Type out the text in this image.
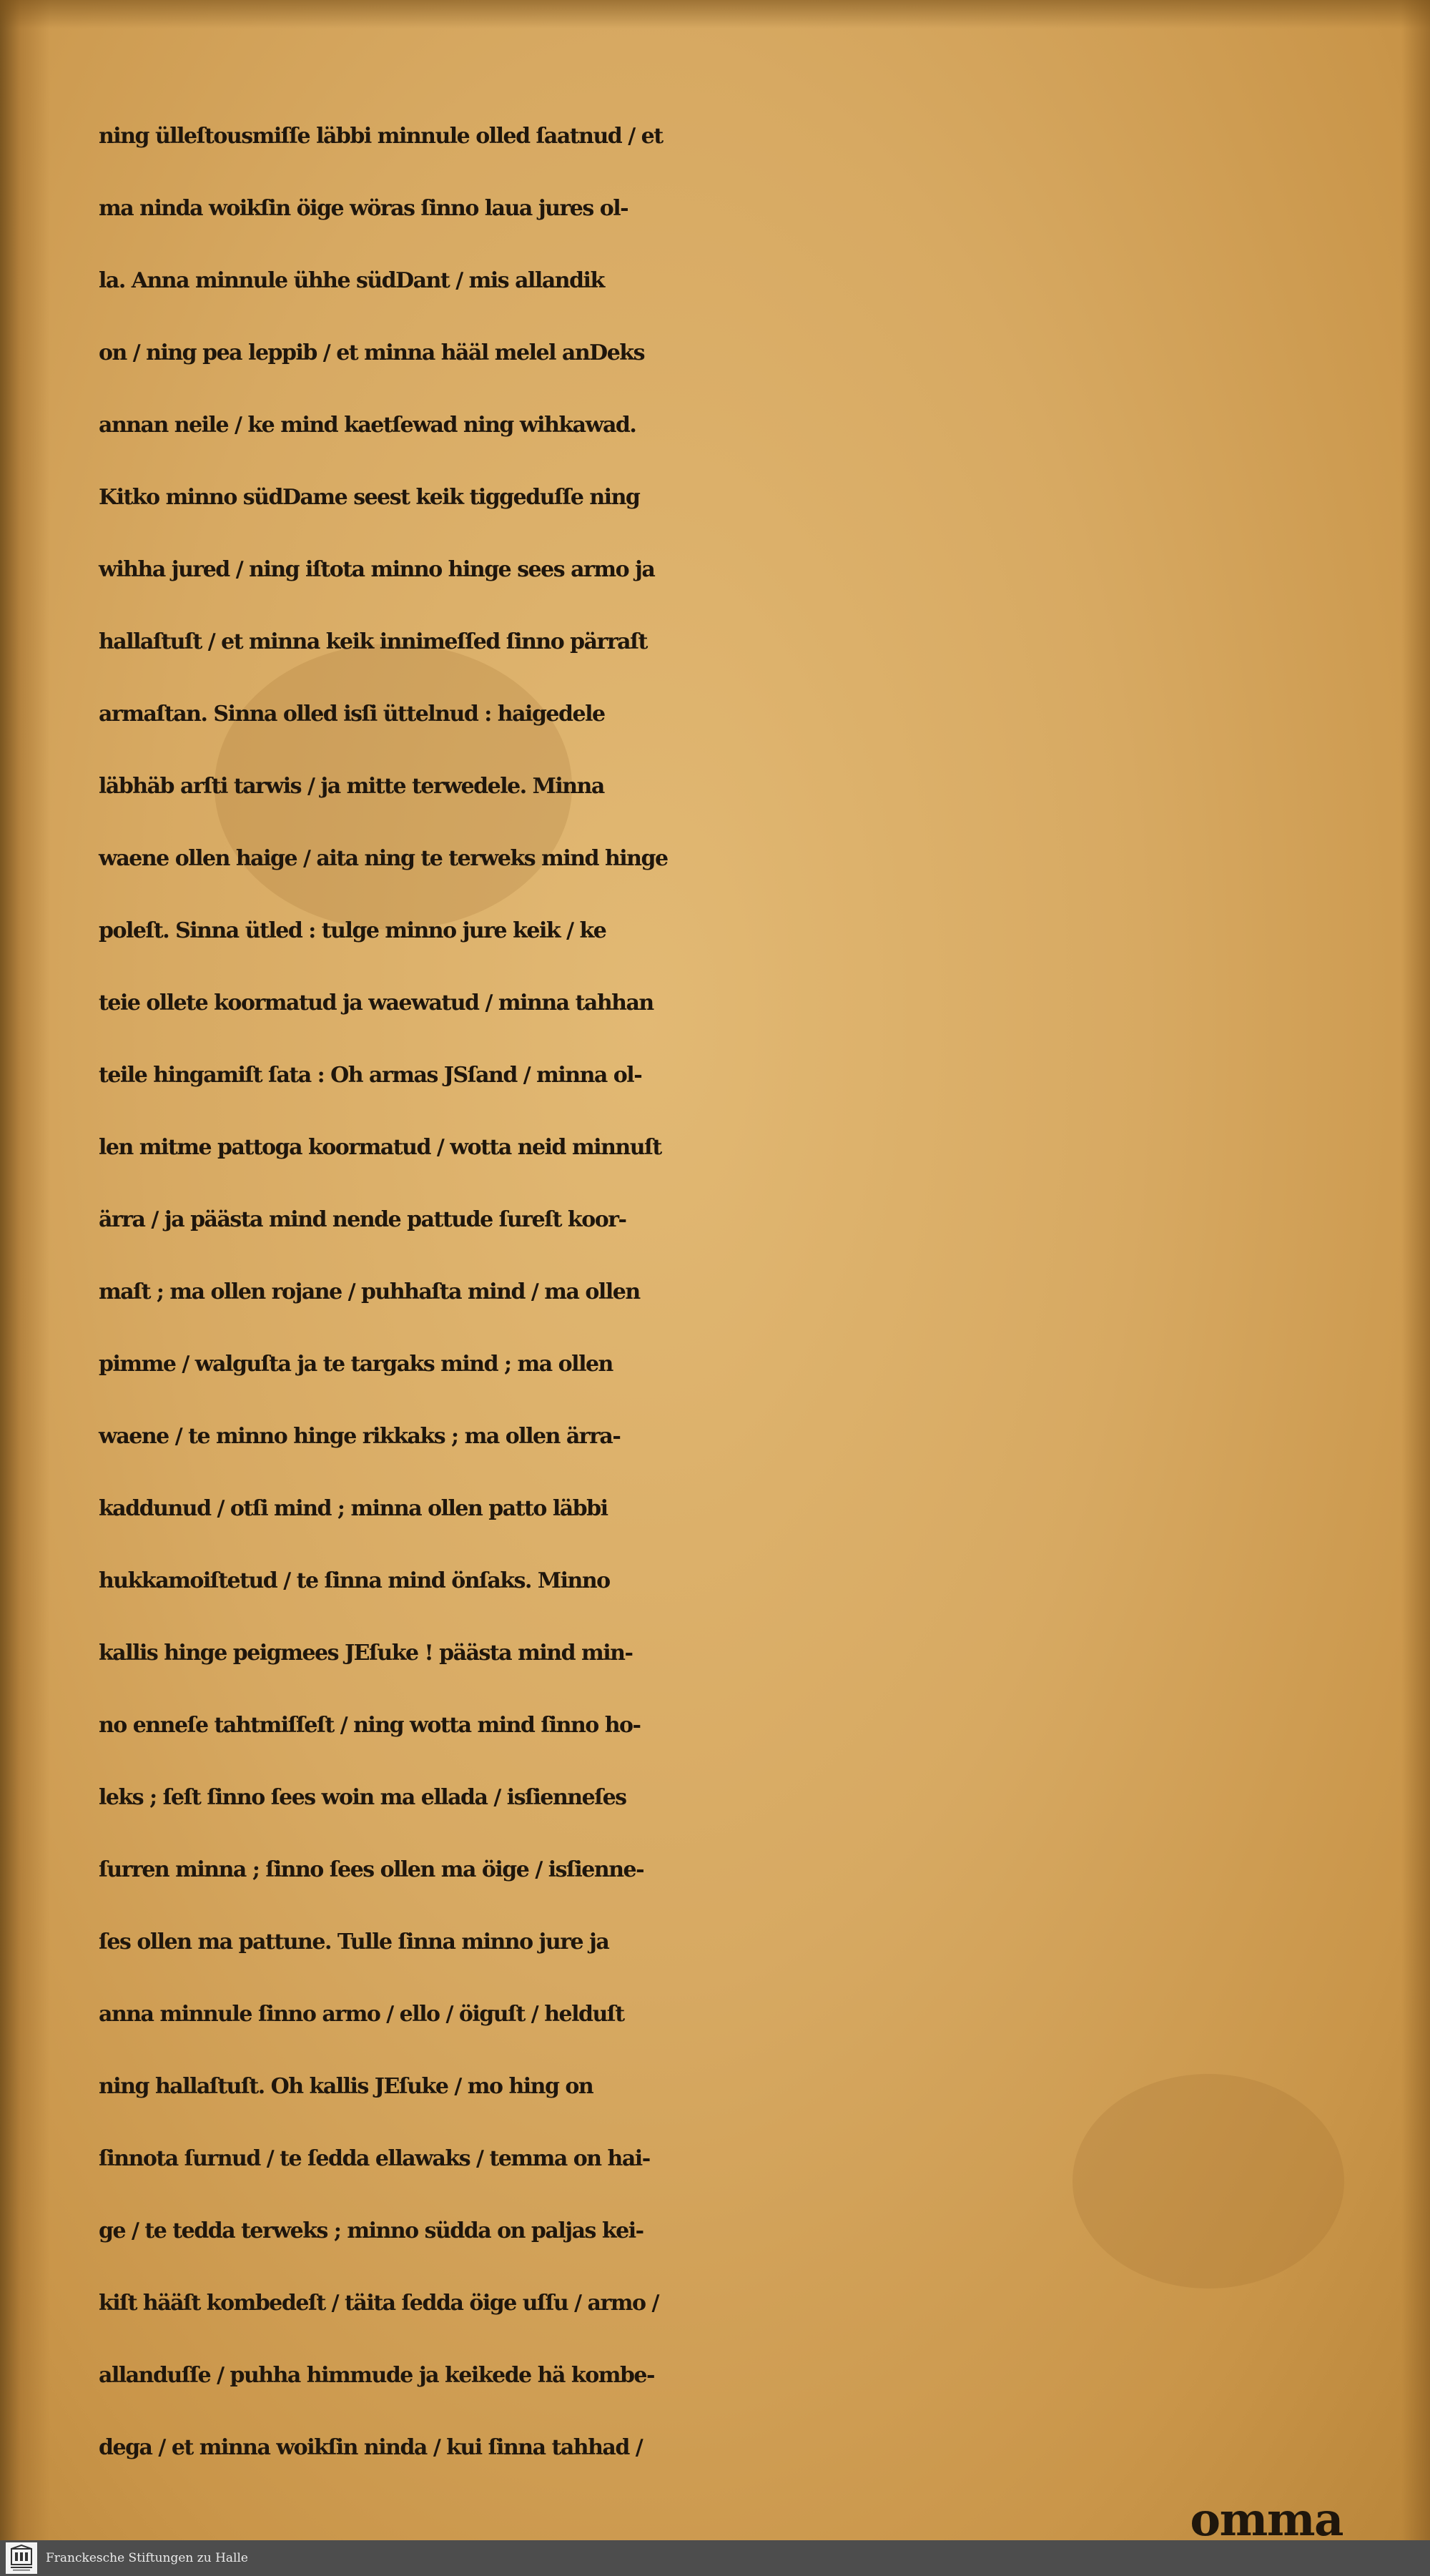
ning ülleſtousmiſſe läbbi minnule olled ſaatnud / et
ma ninda woikſin öige wöras ſinno laua jures ol-
la. Anna minnule ühhe südDant / mis allandik
on / ning pea leppib / et minna hääl melel anDeks
annan neile / ke mind kaetſewad ning wihkawad.
Kitko minno südDame seest keik tiggeduſſe ning
wihha jured / ning iſtota minno hinge sees armo ja
hallaſtuſt / et minna keik innimeſſed ſinno pärraſt
armaſtan. Sinna olled isſi üttelnud : haigedele
läbhäb arſti tarwis / ja mitte terwedele. Minna
waene ollen haige / aita ning te terweks mind hinge
poleſt. Sinna ütled : tulge minno jure keik / ke
teie ollete koormatud ja waewatud / minna tahhan
teile hingamiſt ſata : Oh armas JSſand / minna ol-
len mitme pattoga koormatud / wotta neid minnuſt
ärra / ja päästa mind nende pattude ſureſt koor-
maſt ; ma ollen rojane / puhhaſta mind / ma ollen
pimme / walguſta ja te targaks mind ; ma ollen
waene / te minno hinge rikkaks ; ma ollen ärra-
kaddunud / otſi mind ; minna ollen patto läbbi
hukkamoiſtetud / te ſinna mind önſaks. Minno
kallis hinge peigmees JEſuke ! päästa mind min-
no enneſe tahtmiſſeſt / ning wotta mind ſinno ho-
leks ; ſeſt ſinno ſees woin ma ellada / isſienneſes
ſurren minna ; ſinno ſees ollen ma öige / isſienne-
ſes ollen ma pattune. Tulle ſinna minno jure ja
anna minnule ſinno armo / ello / öiguſt / helduſt
ning hallaſtuſt. Oh kallis JEſuke / mo hing on
ſinnota ſurnud / te ſedda ellawaks / temma on hai-
ge / te tedda terweks ; minno südda on paljas kei-
kiſt hääſt kombedeſt / täita ſedda öige uſſu / armo /
allanduſſe / puhha himmude ja keikede hä kombe-
dega / et minna woikſin ninda / kui ſinna tahhad /
omma
Franckesche Stiftungen zu Halle
